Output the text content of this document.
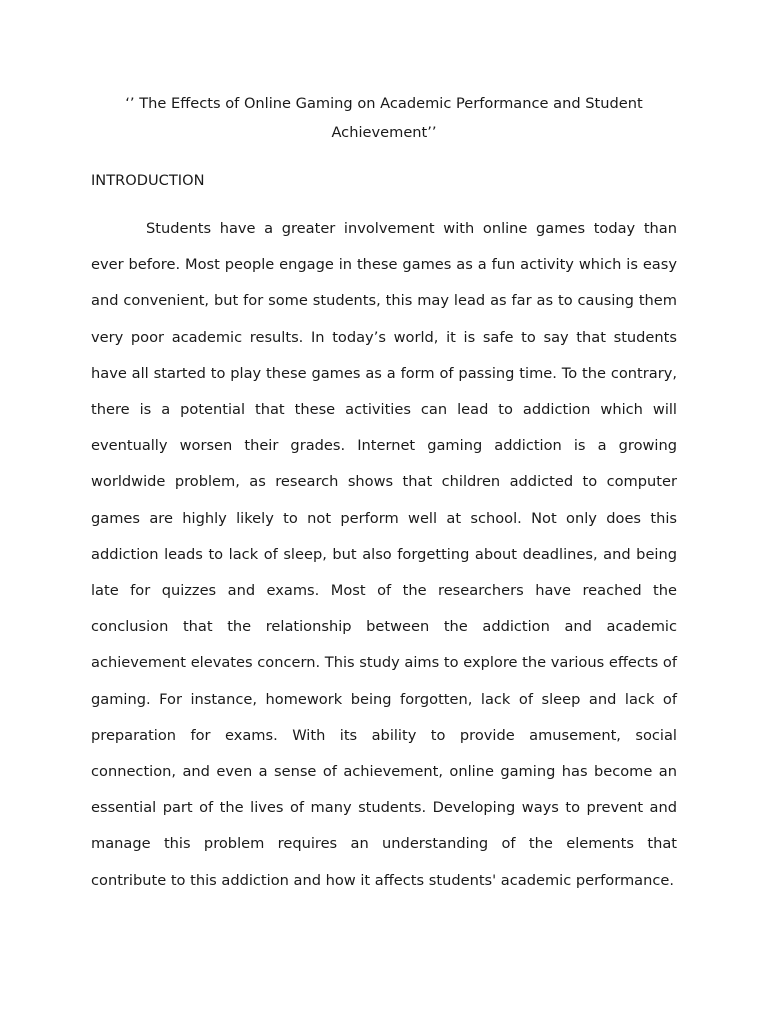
‘’ The Effects of Online Gaming on Academic Performance and Student Achievement’’
INTRODUCTION

Students have a greater involvement with online games today than ever before. Most people engage in these games as a fun activity which is easy and convenient, but for some students, this may lead as far as to causing them very poor academic results. In today’s world, it is safe to say that students have all started to play these games as a form of passing time. To the contrary, there is a potential that these activities can lead to addiction which will eventually worsen their grades. Internet gaming addiction is a growing worldwide problem, as research shows that children addicted to computer games are highly likely to not perform well at school. Not only does this addiction leads to lack of sleep, but also forgetting about deadlines, and being late for quizzes and exams. Most of the researchers have reached the conclusion that the relationship between the addiction and academic achievement elevates concern. This study aims to explore the various effects of gaming. For instance, homework being forgotten, lack of sleep and lack of preparation for exams. With its ability to provide amusement, social connection, and even a sense of achievement, online gaming has become an essential part of the lives of many students. Developing ways to prevent and manage this problem requires an understanding of the elements that contribute to this addiction and how it affects students' academic performance.
